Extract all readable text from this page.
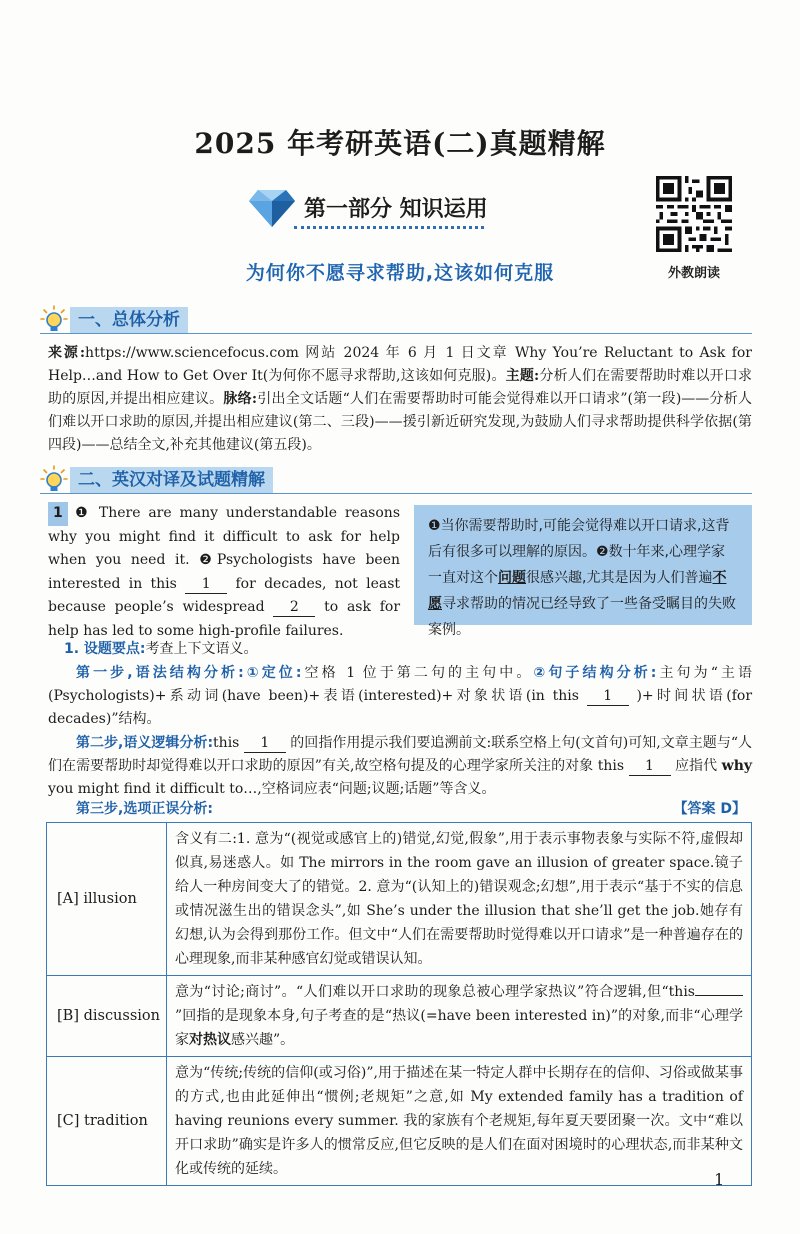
2025 年考研英语(二)真题精解
第一部分 知识运用
外教朗读
为何你不愿寻求帮助,这该如何克服
一、总体分析
来源:https://www.sciencefocus.com 网站 2024 年 6 月 1 日文章 Why You’re Reluctant to Ask for Help…and How to Get Over It(为何你不愿寻求帮助,这该如何克服)。主题:分析人们在需要帮助时难以开口求助的原因,并提出相应建议。脉络:引出全文话题“人们在需要帮助时可能会觉得难以开口请求”(第一段)——分析人们难以开口求助的原因,并提出相应建议(第二、三段)——援引新近研究发现,为鼓励人们寻求帮助提供科学依据(第四段)——总结全文,补充其他建议(第五段)。
二、英汉对译及试题精解
1 ❶ There are many understandable reasons why you might find it difficult to ask for help when you need it. ❷Psychologists have been interested in this 1 for decades, not least because people’s widespread 2 to ask for help has led to some high-profile failures.
❶当你需要帮助时,可能会觉得难以开口请求,这背后有很多可以理解的原因。❷数十年来,心理学家一直对这个问题很感兴趣,尤其是因为人们普遍不愿寻求帮助的情况已经导致了一些备受瞩目的失败案例。
1. 设题要点:考查上下文语义。
第一步,语法结构分析:①定位:空格 1 位于第二句的主句中。②句子结构分析:主句为“主语(Psychologists)+系动词(have been)+表语(interested)+对象状语(in this 1 )+时间状语(for decades)”结构。
第二步,语义逻辑分析:this 1 的回指作用提示我们要追溯前文:联系空格上句(文首句)可知,文章主题与“人们在需要帮助时却觉得难以开口求助的原因”有关,故空格句提及的心理学家所关注的对象 this 1 应指代 why you might find it difficult to…,空格词应表“问题;议题;话题”等含义。
第三步,选项正误分析:	【答案 D】
[A] illusion	含义有二:1. 意为“(视觉或感官上的)错觉,幻觉,假象”,用于表示事物表象与实际不符,虚假却似真,易迷惑人。如 The mirrors in the room gave an illusion of greater space.镜子给人一种房间变大了的错觉。2. 意为“(认知上的)错误观念;幻想”,用于表示“基于不实的信息或情况滋生出的错误念头”,如 She’s under the illusion that she’ll get the job.她存有幻想,认为会得到那份工作。但文中“人们在需要帮助时觉得难以开口请求”是一种普遍存在的心理现象,而非某种感官幻觉或错误认知。
[B] discussion	意为“讨论;商讨”。“人们难以开口求助的现象总被心理学家热议”符合逻辑,但“this”回指的是现象本身,句子考查的是“热议(=have been interested in)”的对象,而非“心理学家对热议感兴趣”。
[C] tradition	意为“传统;传统的信仰(或习俗)”,用于描述在某一特定人群中长期存在的信仰、习俗或做某事的方式,也由此延伸出“惯例;老规矩”之意,如 My extended family has a tradition of having reunions every summer. 我的家族有个老规矩,每年夏天要团聚一次。文中“难以开口求助”确实是许多人的惯常反应,但它反映的是人们在面对困境时的心理状态,而非某种文化或传统的延续。
1
